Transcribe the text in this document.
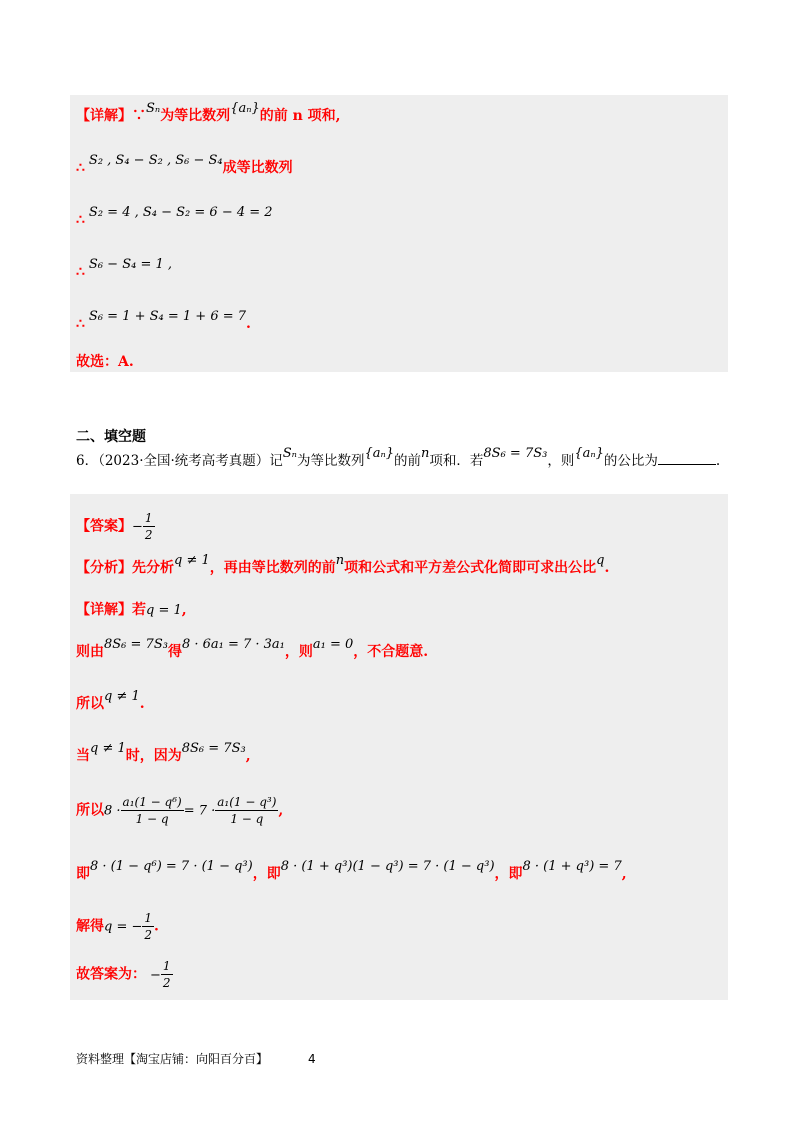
【详解】∵Sₙ为等比数列{aₙ}的前 n 项和,
∴ S₂ , S₄ − S₂ , S₆ − S₄成等比数列
∴ S₂ = 4 , S₄ − S₂ = 6 − 4 = 2
∴ S₆ − S₄ = 1 ,
∴ S₆ = 1 + S₄ = 1 + 6 = 7.
故选：A.
二、填空题
6．（2023·全国·统考高考真题）记Sₙ为等比数列{aₙ}的前n项和．若8S₆ = 7S₃，则{aₙ}的公比为	.
【答案】− $\frac{1}{2}$
【分析】先分析q ≠ 1，再由等比数列的前n项和公式和平方差公式化简即可求出公比q.
【详解】若q = 1,
则由8S₆ = 7S₃得8 · 6a₁ = 7 · 3a₁，则a₁ = 0，不合题意.
所以q ≠ 1.
当q ≠ 1时，因为8S₆ = 7S₃,
所以$8 \cdot \frac{\text{a₁(1 − q⁶)}}{1 - q} = 7 \cdot \frac{\text{a₁(1 − q³)}}{1 - q}$ ,
即8 · (1 − q⁶) = 7 · (1 − q³)，即8 · (1 + q³)(1 − q³) = 7 · (1 − q³)，即8 · (1 + q³) = 7,
解得q = − $\frac{1}{2}$ .
故答案为： − $\frac{1}{2}$
资料整理【淘宝店铺：向阳百分百】	4
